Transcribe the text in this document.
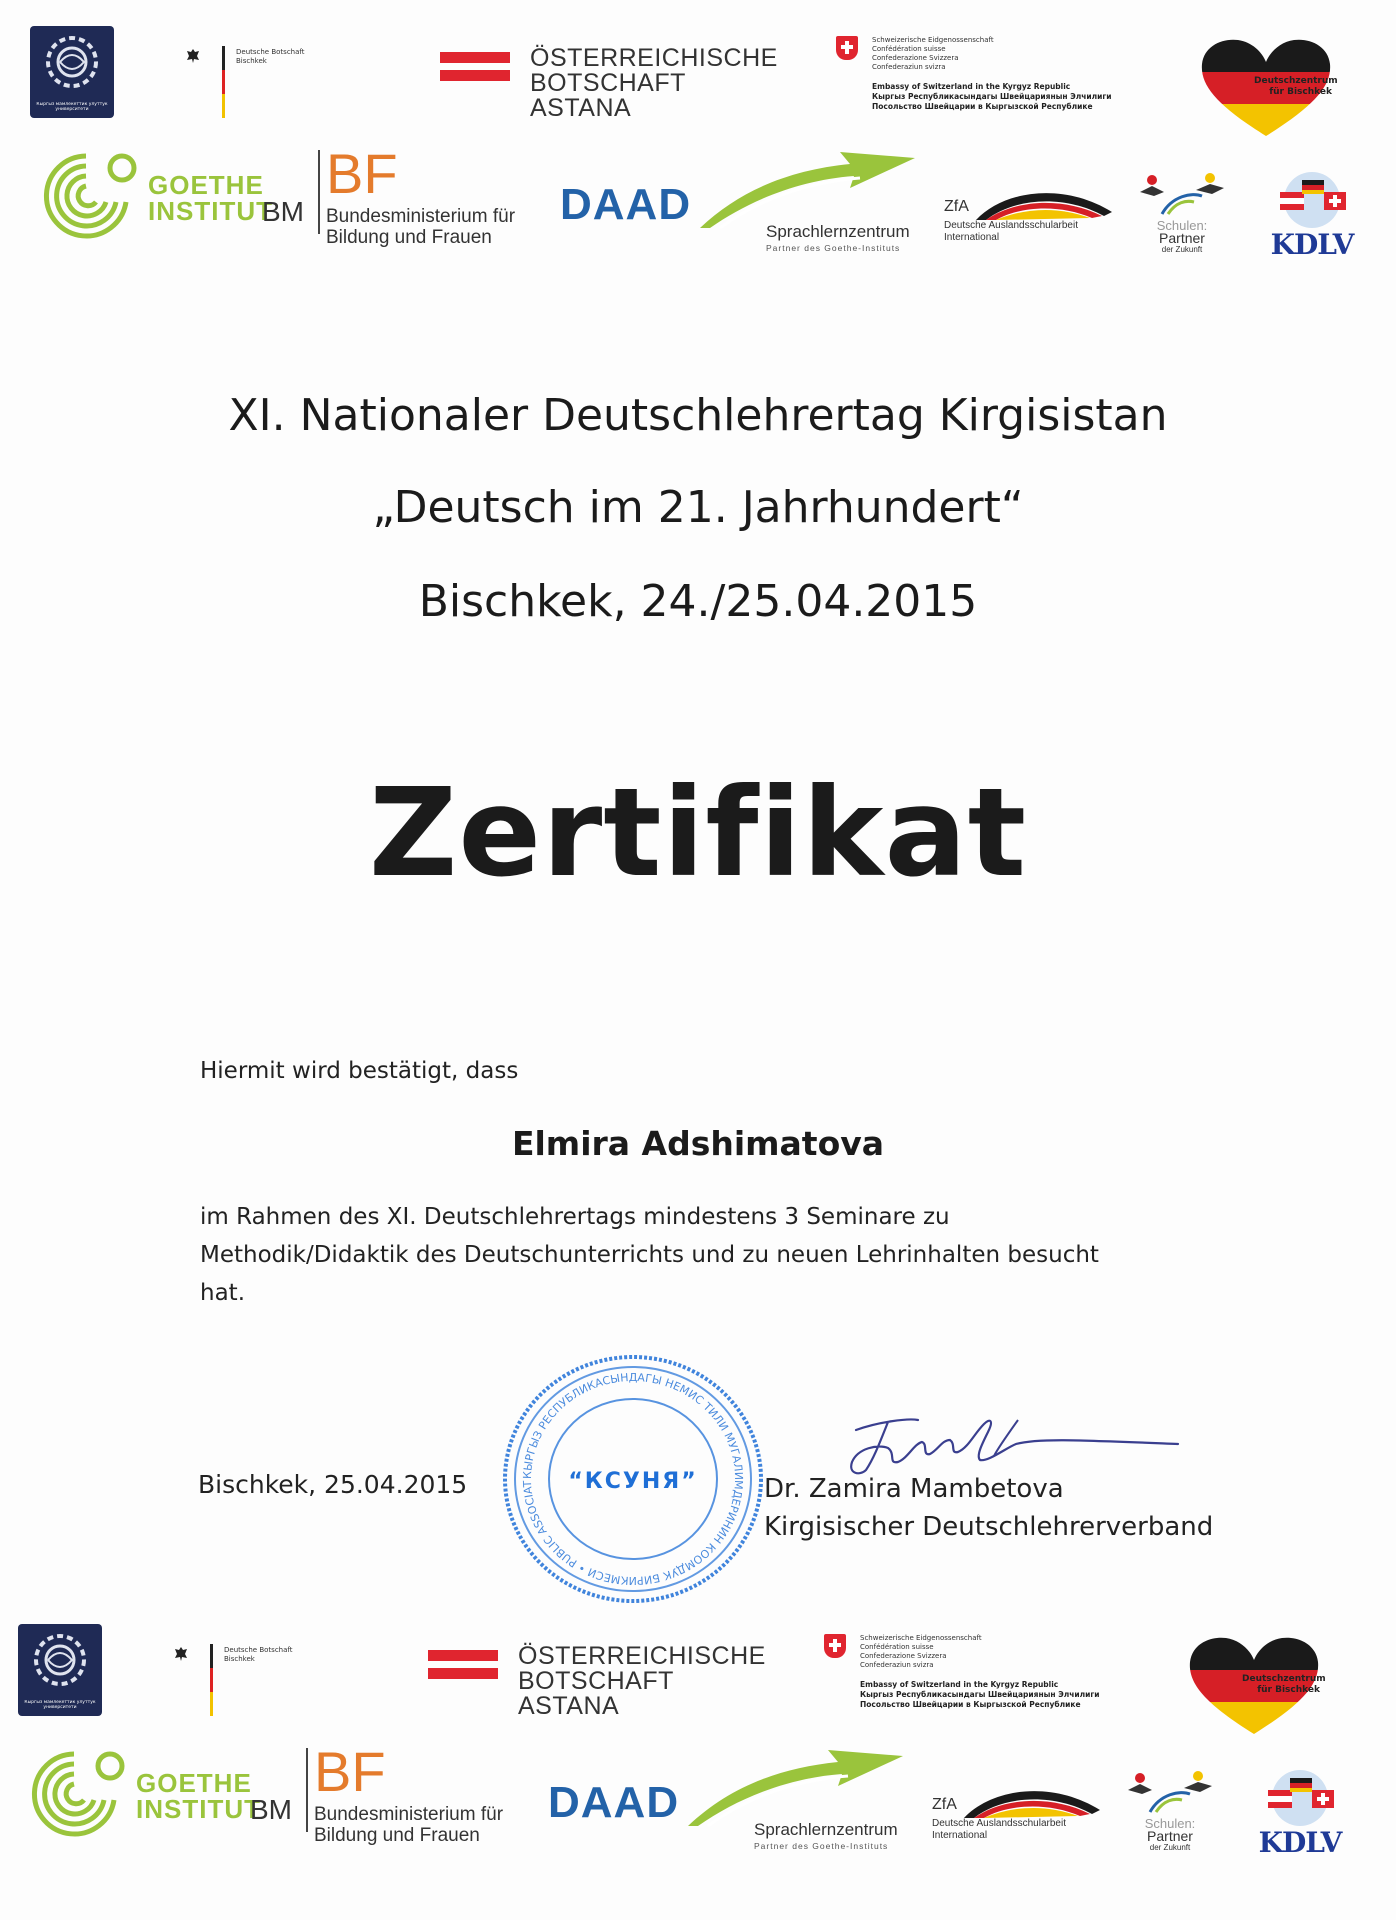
Кыргыз мамлекеттик улуттук университети
Deutsche Botschaft Bischkek	ÖSTERREICHISCHE
BOTSCHAFT
ASTANA
Schweizerische Eidgenossenschaft
Confédération suisse
Confederazione Svizzera
Confederaziun svizra
Embassy of Switzerland in the Kyrgyz Republic
Кыргыз Республикасындагы Швейцариянын Элчилиги
Посольство Швейцарии в Кыргызской Республике
Deutschzentrum
für Bischkek
GOETHE
INSTITUT
BM
BF
Bundesministerium für
Bildung und Frauen
DAAD
Sprachlernzentrum
Partner des Goethe-Instituts
ZfA
Deutsche Auslandsschularbeit
International
Schulen:
Partner
der Zukunft	KDLV
XI. Nationaler Deutschlehrertag Kirgisistan
„Deutsch im 21. Jahrhundert“
Bischkek, 24./25.04.2015
Zertifikat
Hiermit wird bestätigt, dass
Elmira Adshimatova
im Rahmen des XI. Deutschlehrertags mindestens 3 Seminare zu
Methodik/Didaktik des Deutschunterrichts und zu neuen Lehrinhalten besucht
hat.
Bischkek, 25.04.2015	КЫРГЫЗ РЕСПУБЛИКАСЫНДАГЫ НЕМИС ТИЛИ МУГАЛИМДЕРИНИН КООМДУК БИРИКМЕСИ • PUBLIC ASSOCIAT	“КСУНЯ”	Dr. Zamira Mambetova
Kirgisischer Deutschlehrerverband
Кыргыз мамлекеттик улуттук университети
Deutsche Botschaft Bischkek	ÖSTERREICHISCHE
BOTSCHAFT
ASTANA
Schweizerische Eidgenossenschaft
Confédération suisse
Confederazione Svizzera
Confederaziun svizra
Embassy of Switzerland in the Kyrgyz Republic
Кыргыз Республикасындагы Швейцариянын Элчилиги
Посольство Швейцарии в Кыргызской Республике
Deutschzentrum
für Bischkek
GOETHE
INSTITUT
BM
BF
Bundesministerium für
Bildung und Frauen
DAAD
Sprachlernzentrum
Partner des Goethe-Instituts
ZfA
Deutsche Auslandsschularbeit
International
Schulen:
Partner
der Zukunft	KDLV
